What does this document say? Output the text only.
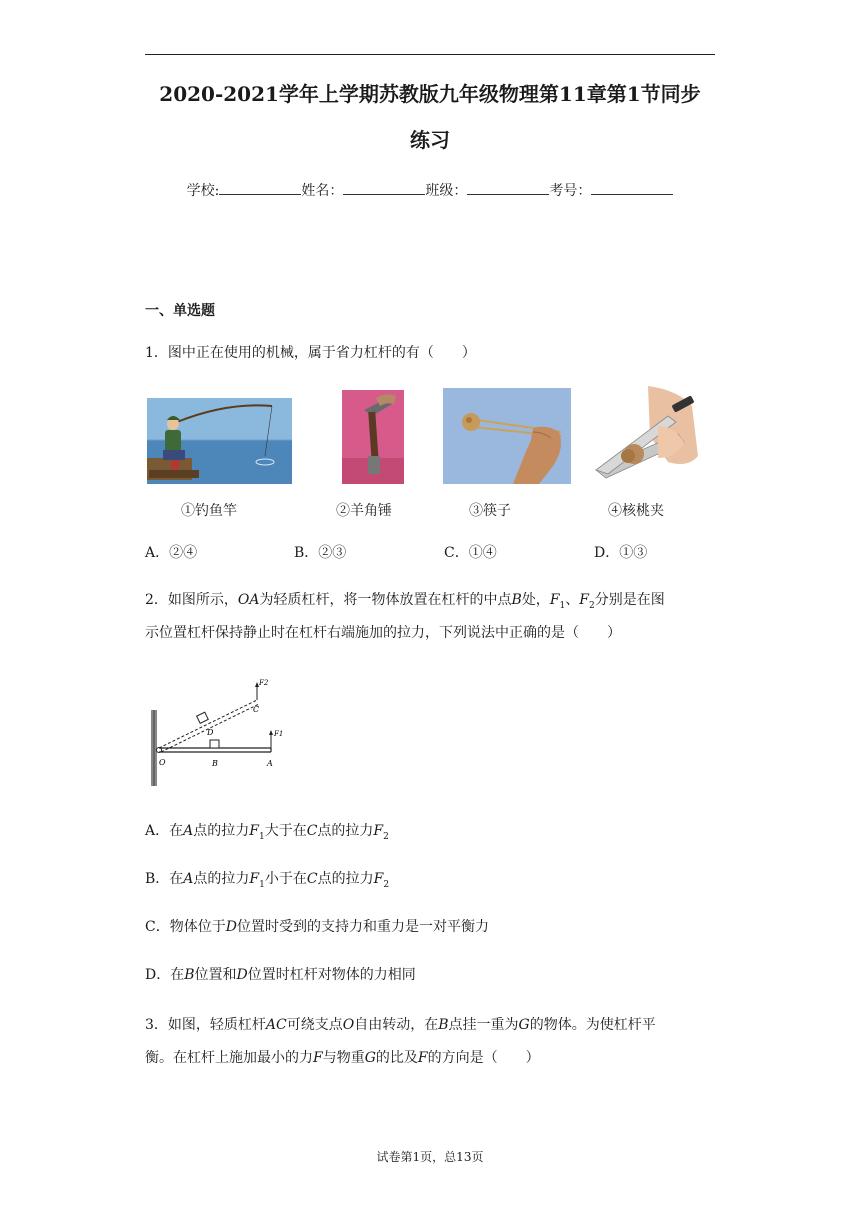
2020-2021学年上学期苏教版九年级物理第11章第1节同步
练习
学校:	姓名：	班级：	考号：
一、单选题
1．图中正在使用的机械，属于省力杠杆的有（　　）
①钓鱼竿	②羊角锤	③筷子	④核桃夹
A．②④	B．②③	C．①④	D．①③
2．如图所示，OA为轻质杠杆，将一物体放置在杠杆的中点B处，$F_1$、$F_2$分别是在图
示位置杠杆保持静止时在杠杆右端施加的拉力，下列说法中正确的是（　　）
O	B	A
C
D	F1
F2
A．在A点的拉力$F_1$大于在C点的拉力$F_2$
B．在A点的拉力$F_1$小于在C点的拉力$F_2$
C．物体位于D位置时受到的支持力和重力是一对平衡力
D．在B位置和D位置时杠杆对物体的力相同
3．如图，轻质杠杆AC可绕支点O自由转动，在B点挂一重为G的物体。为使杠杆平
衡。在杠杆上施加最小的力F与物重G的比及F的方向是（　　）
试卷第1页，总13页
